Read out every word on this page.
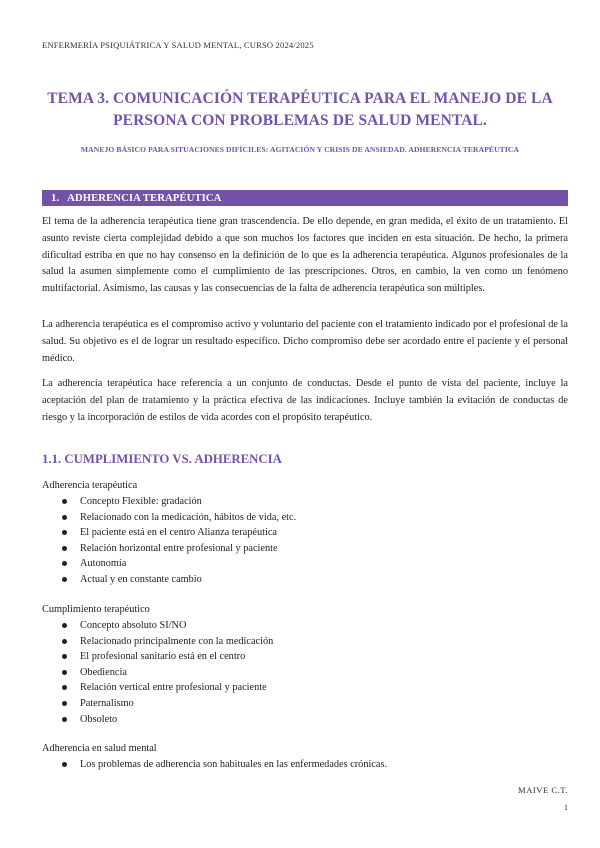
ENFERMERÍA PSIQUIÁTRICA Y SALUD MENTAL, CURSO 2024/2025
TEMA 3. COMUNICACIÓN TERAPÉUTICA PARA EL MANEJO DE LA
PERSONA CON PROBLEMAS DE SALUD MENTAL.
MANEJO BÁSICO PARA SITUACIONES DIFÍCILES: AGITACIÓN Y CRISIS DE ANSIEDAD. ADHERENCIA TERAPÉUTICA
1. ADHERENCIA TERAPÉUTICA
El tema de la adherencia terapéutica tiene gran trascendencia. De ello depende, en gran medida, el éxito de un tratamiento. El asunto reviste cierta complejidad debido a que son muchos los factores que inciden en esta situación. De hecho, la primera dificultad estriba en que no hay consenso en la definición de lo que es la adherencia terapéutica. Algunos profesionales de la salud la asumen simplemente como el cumplimiento de las prescripciones. Otros, en cambio, la ven como un fenómeno multifactorial. Asimismo, las causas y las consecuencias de la falta de adherencia terapéutica son múltiples.
La adherencia terapéutica es el compromiso activo y voluntario del paciente con el tratamiento indicado por el profesional de la salud. Su objetivo es el de lograr un resultado específico. Dicho compromiso debe ser acordado entre el paciente y el personal médico.
La adherencia terapéutica hace referencia a un conjunto de conductas. Desde el punto de vista del paciente, incluye la aceptación del plan de tratamiento y la práctica efectiva de las indicaciones. Incluye también la evitación de conductas de riesgo y la incorporación de estilos de vida acordes con el propósito terapéutico.
1.1. CUMPLIMIENTO VS. ADHERENCIA
Adherencia terapéutica
Concepto Flexible: gradación
Relacionado con la medicación, hábitos de vida, etc.
El paciente está en el centro Alianza terapéutica
Relación horizontal entre profesional y paciente
Autonomía
Actual y en constante cambio
Cumplimiento terapéutico
Concepto absoluto SI/NO
Relacionado principalmente con la medicación
El profesional sanitario está en el centro
Obediencia
Relación vertical entre profesional y paciente
Paternalismo
Obsoleto
Adherencia en salud mental
Los problemas de adherencia son habituales en las enfermedades crónicas.
MAIVE C.T.
1
